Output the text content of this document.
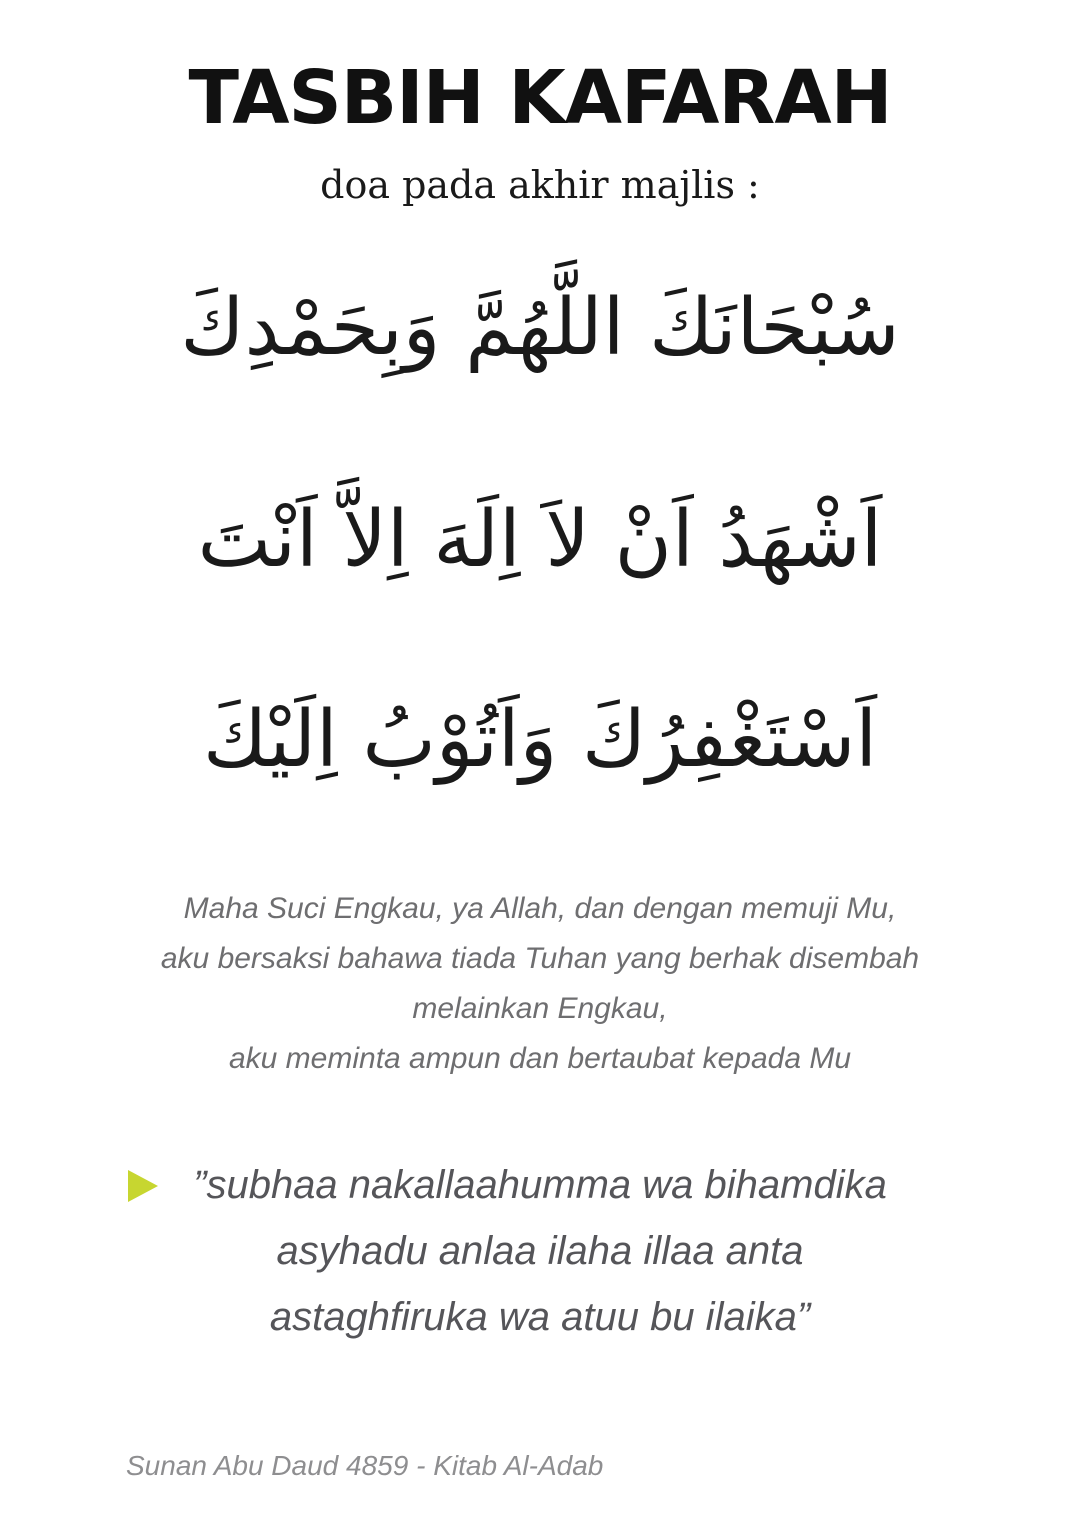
TASBIH KAFARAH
doa pada akhir majlis :
سُبْحَانَكَ اللَّهُمَّ وَبِحَمْدِكَ
اَشْهَدُ اَنْ لاَ اِلَهَ اِلاَّ اَنْتَ
اَسْتَغْفِرُكَ وَاَتُوْبُ اِلَيْكَ
Maha Suci Engkau, ya Allah, dan dengan memuji Mu,
aku bersaksi bahawa tiada Tuhan yang berhak disembah
melainkan Engkau,
aku meminta ampun dan bertaubat kepada Mu
”subhaa nakallaahumma wa bihamdika
asyhadu anlaa ilaha illaa anta
astaghfiruka wa atuu bu ilaika”
Sunan Abu Daud 4859 - Kitab Al-Adab
